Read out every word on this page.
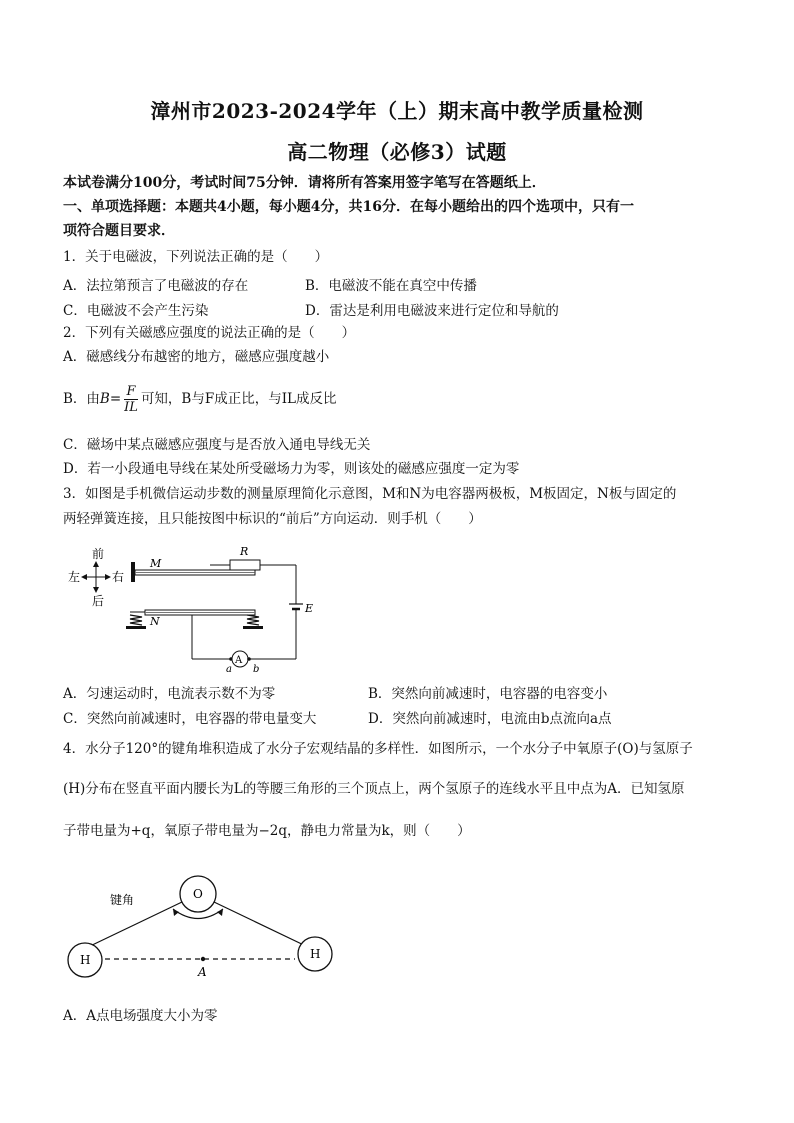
漳州市2023-2024学年（上）期末高中教学质量检测
高二物理（必修3）试题
本试卷满分100分，考试时间75分钟．请将所有答案用签字笔写在答题纸上．
一、单项选择题：本题共4小题，每小题4分，共16分．在每小题给出的四个选项中，只有一
项符合题目要求．
1．关于电磁波，下列说法正确的是（　　）
A．法拉第预言了电磁波的存在	B．电磁波不能在真空中传播
C．电磁波不会产生污染	D．雷达是利用电磁波来进行定位和导航的
2．下列有关磁感应强度的说法正确的是（　　）
A．磁感线分布越密的地方，磁感应强度越小
B．由$B= \frac{F}{IL}$ 可知，B与F成正比，与IL成反比
C．磁场中某点磁感应强度与是否放入通电导线无关
D．若一小段通电导线在某处所受磁场力为零，则该处的磁感应强度一定为零
3．如图是手机微信运动步数的测量原理简化示意图，M和N为电容器两极板，M板固定，N板与固定的
两轻弹簧连接，且只能按图中标识的“前后”方向运动．则手机（　　）
前
后
左	右
M
R
E
N
A
a b
A．匀速运动时，电流表示数不为零	B．突然向前减速时，电容器的电容变小
C．突然向前减速时，电容器的带电量变大	D．突然向前减速时，电流由b点流向a点
4．水分子120°的键角堆积造成了水分子宏观结晶的多样性．如图所示，一个水分子中氧原子(O)与氢原子
(H)分布在竖直平面内腰长为L的等腰三角形的三个顶点上，两个氢原子的连线水平且中点为A．已知氢原
子带电量为+q，氧原子带电量为−2q，静电力常量为k，则（　　）
O
H	H
键角
A
A．A点电场强度大小为零
